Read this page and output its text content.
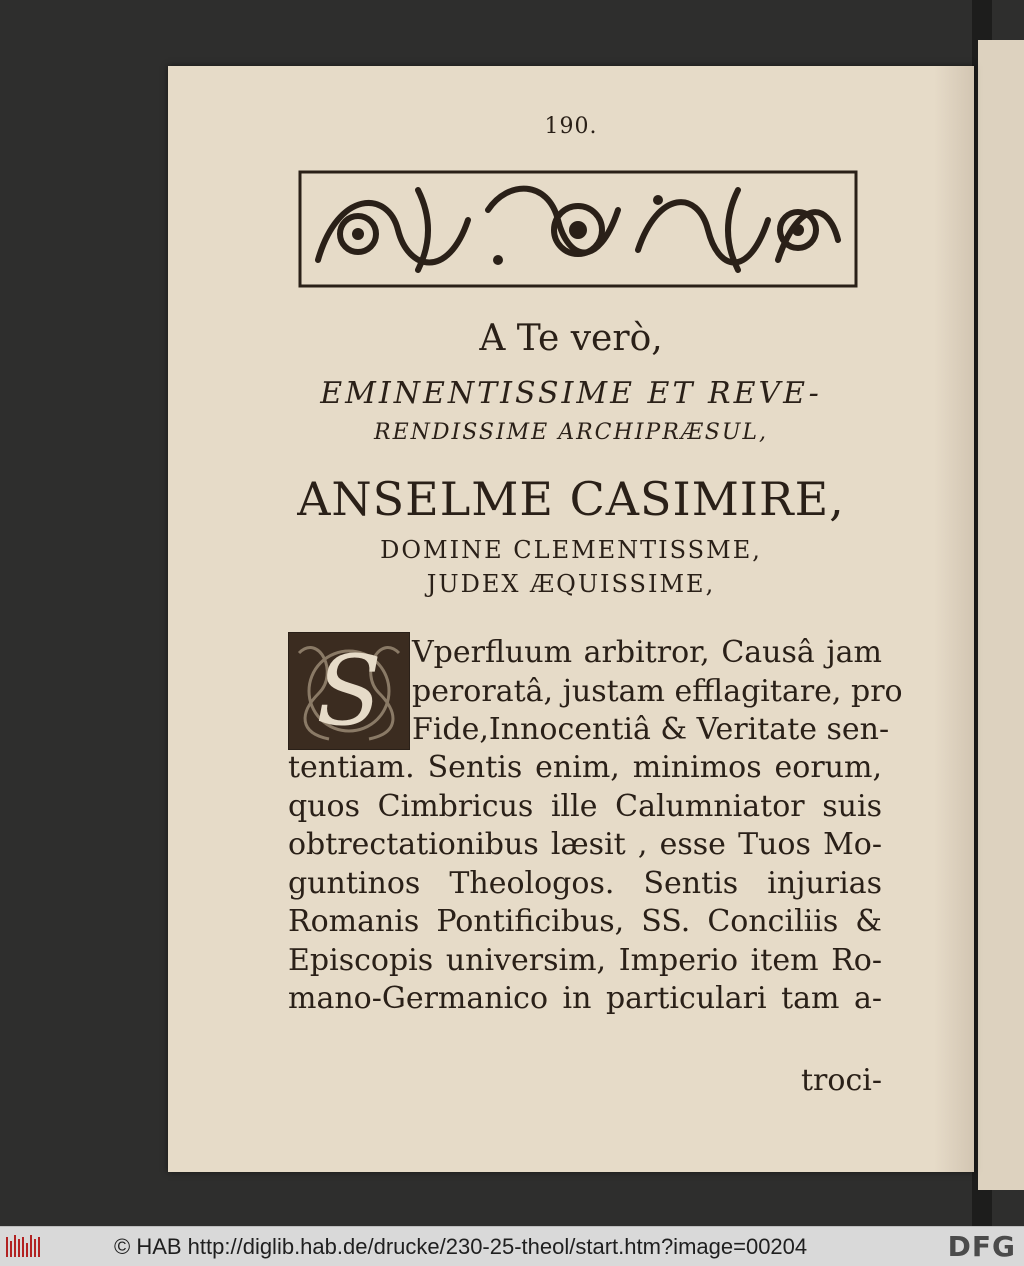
190.
A Te verò,
EMINENTISSIME ET REVE-
RENDISSIME ARCHIPRÆSUL,
ANSELME CASIMIRE,
DOMINE CLEMENTISSME,
JUDEX ÆQUISSIME,
S	Vperfluum arbitror, Causâ jam
peroratâ, justam efflagitare, pro
Fide,Innocentiâ & Veritate sen-
tentiam. Sentis enim, minimos eorum,
quos Cimbricus ille Calumniator suis
obtrectationibus læsit , esse Tuos Mo-
guntinos Theologos. Sentis injurias
Romanis Pontificibus, SS. Conciliis &
Episcopis universim, Imperio item Ro-
mano-Germanico in particulari tam a-
troci-
© HAB http://diglib.hab.de/drucke/230-25-theol/start.htm?image=00204	DFG
